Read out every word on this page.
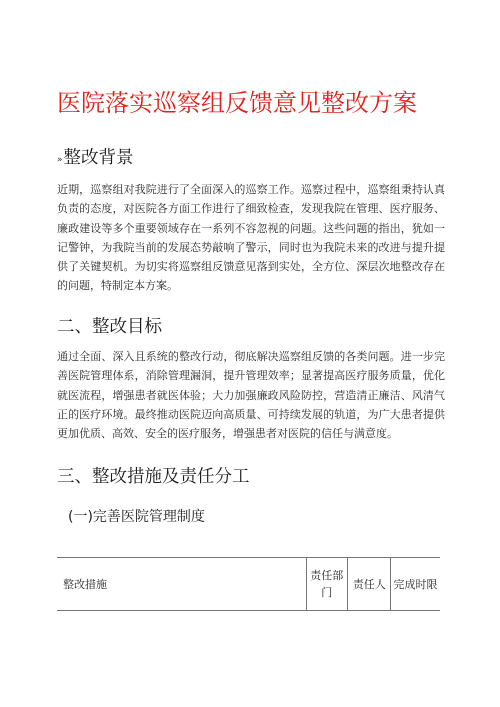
医院落实巡察组反馈意见整改方案
»整改背景
近期，巡察组对我院进行了全面深入的巡察工作。巡察过程中，巡察组秉持认真负责的态度，对医院各方面工作进行了细致检查，发现我院在管理、医疗服务、廉政建设等多个重要领域存在一系列不容忽视的问题。这些问题的指出，犹如一记警钟，为我院当前的发展态势敲响了警示，同时也为我院未来的改进与提升提供了关键契机。为切实将巡察组反馈意见落到实处，全方位、深层次地整改存在的问题，特制定本方案。
二、整改目标
通过全面、深入且系统的整改行动，彻底解决巡察组反馈的各类问题。进一步完善医院管理体系，消除管理漏洞，提升管理效率；显著提高医疗服务质量，优化就医流程，增强患者就医体验；大力加强廉政风险防控，营造清正廉洁、风清气正的医疗环境。最终推动医院迈向高质量、可持续发展的轨道，为广大患者提供更加优质、高效、安全的医疗服务，增强患者对医院的信任与满意度。
三、整改措施及责任分工
(一)完善医院管理制度
整改措施	责任部门	责任人	完成时限
